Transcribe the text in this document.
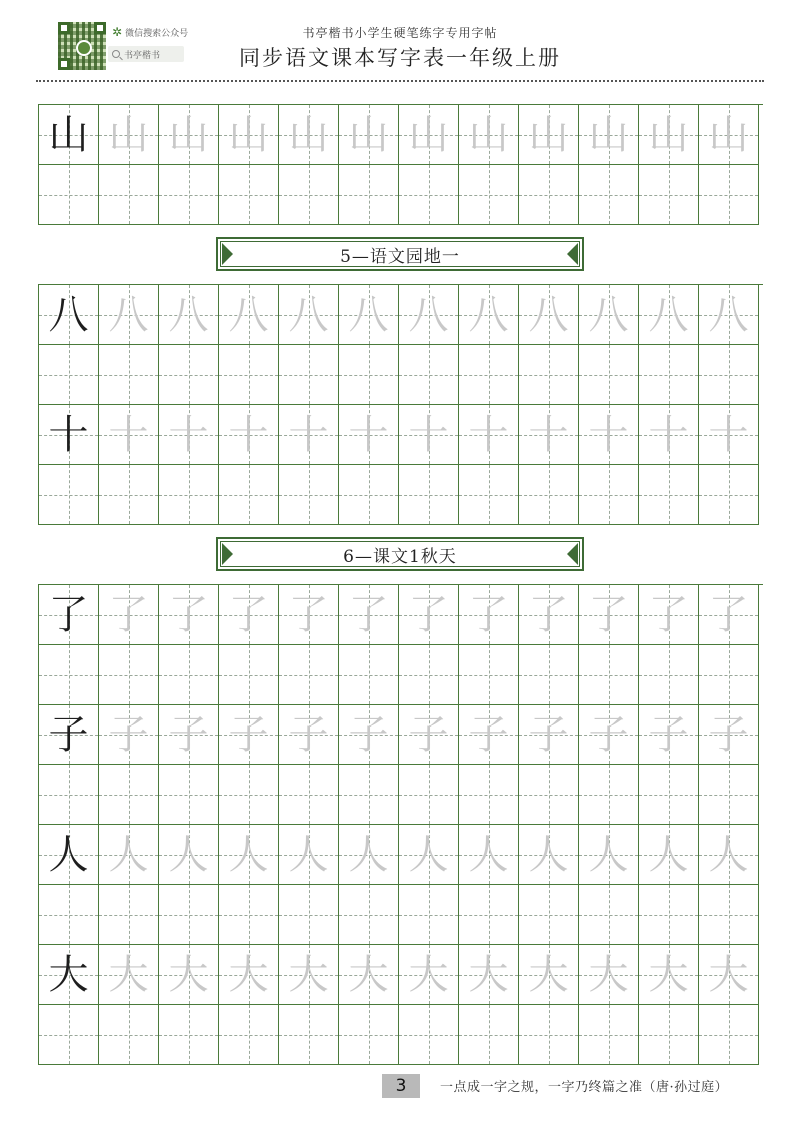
✲ 微信搜索公众号
书亭楷书
书亭楷书小学生硬笔练字专用字帖
同步语文课本写字表一年级上册
山 山 山 山 山 山 山 山 山 山 山 山
5—语文园地一
八 八 八 八 八 八 八 八 八 八 八 八
十 十 十 十 十 十 十 十 十 十 十 十
6—课文1秋天
了 了 了 了 了 了 了 了 了 了 了 了
子 子 子 子 子 子 子 子 子 子 子 子
人 人 人 人 人 人 人 人 人 人 人 人
大 大 大 大 大 大 大 大 大 大 大 大
3	一点成一字之规，一字乃终篇之准（唐·孙过庭）
